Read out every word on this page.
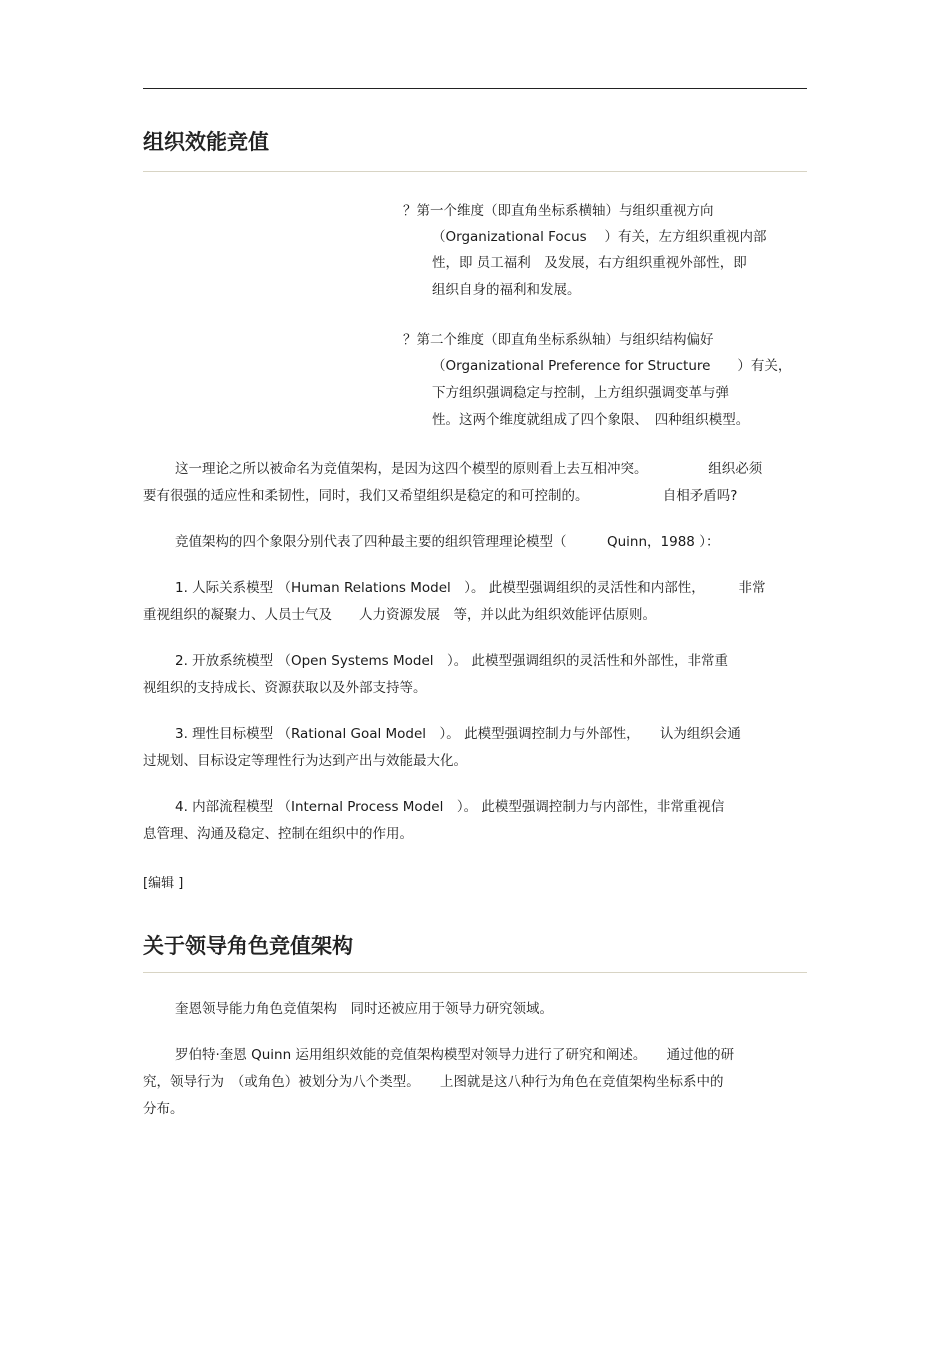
组织效能竞值

？第一个维度（即直角坐标系横轴）与组织重视方向

（Organizational Focus 　）有关，左方组织重视内部

性，即 员工福利　及发展，右方组织重视外部性，即

组织自身的福利和发展。

？第二个维度（即直角坐标系纵轴）与组织结构偏好

（Organizational Preference for Structure　　）有关，

下方组织强调稳定与控制，上方组织强调变革与弹

性。这两个维度就组成了四个象限、　四种组织模型。

这一理论之所以被命名为竞值架构，是因为这四个模型的原则看上去互相冲突。　　　　　组织必须

要有很强的适应性和柔韧性，同时，我们又希望组织是稳定的和可控制的。　　　　　　自相矛盾吗?

竞值架构的四个象限分别代表了四种最主要的组织管理理论模型（　　　Quinn，1988 ）：

1. 人际关系模型 （Human Relations Model　）。 此模型强调组织的灵活性和内部性，　　　非常

重视组织的凝聚力、人员士气及　　人力资源发展　等，并以此为组织效能评估原则。

2. 开放系统模型 （Open Systems Model　）。 此模型强调组织的灵活性和外部性，非常重

视组织的支持成长、资源获取以及外部支持等。

3. 理性目标模型 （Rational Goal Model　）。 此模型强调控制力与外部性，　　认为组织会通

过规划、目标设定等理性行为达到产出与效能最大化。

4. 内部流程模型 （Internal Process Model　）。 此模型强调控制力与内部性，非常重视信

息管理、沟通及稳定、控制在组织中的作用。

[编辑 ]
关于领导角色竞值架构

奎恩领导能力角色竞值架构　同时还被应用于领导力研究领域。

罗伯特·奎恩 Quinn 运用组织效能的竞值架构模型对领导力进行了研究和阐述。　　通过他的研

究，领导行为　（或角色）被划分为八个类型。　　上图就是这八种行为角色在竞值架构坐标系中的

分布。
